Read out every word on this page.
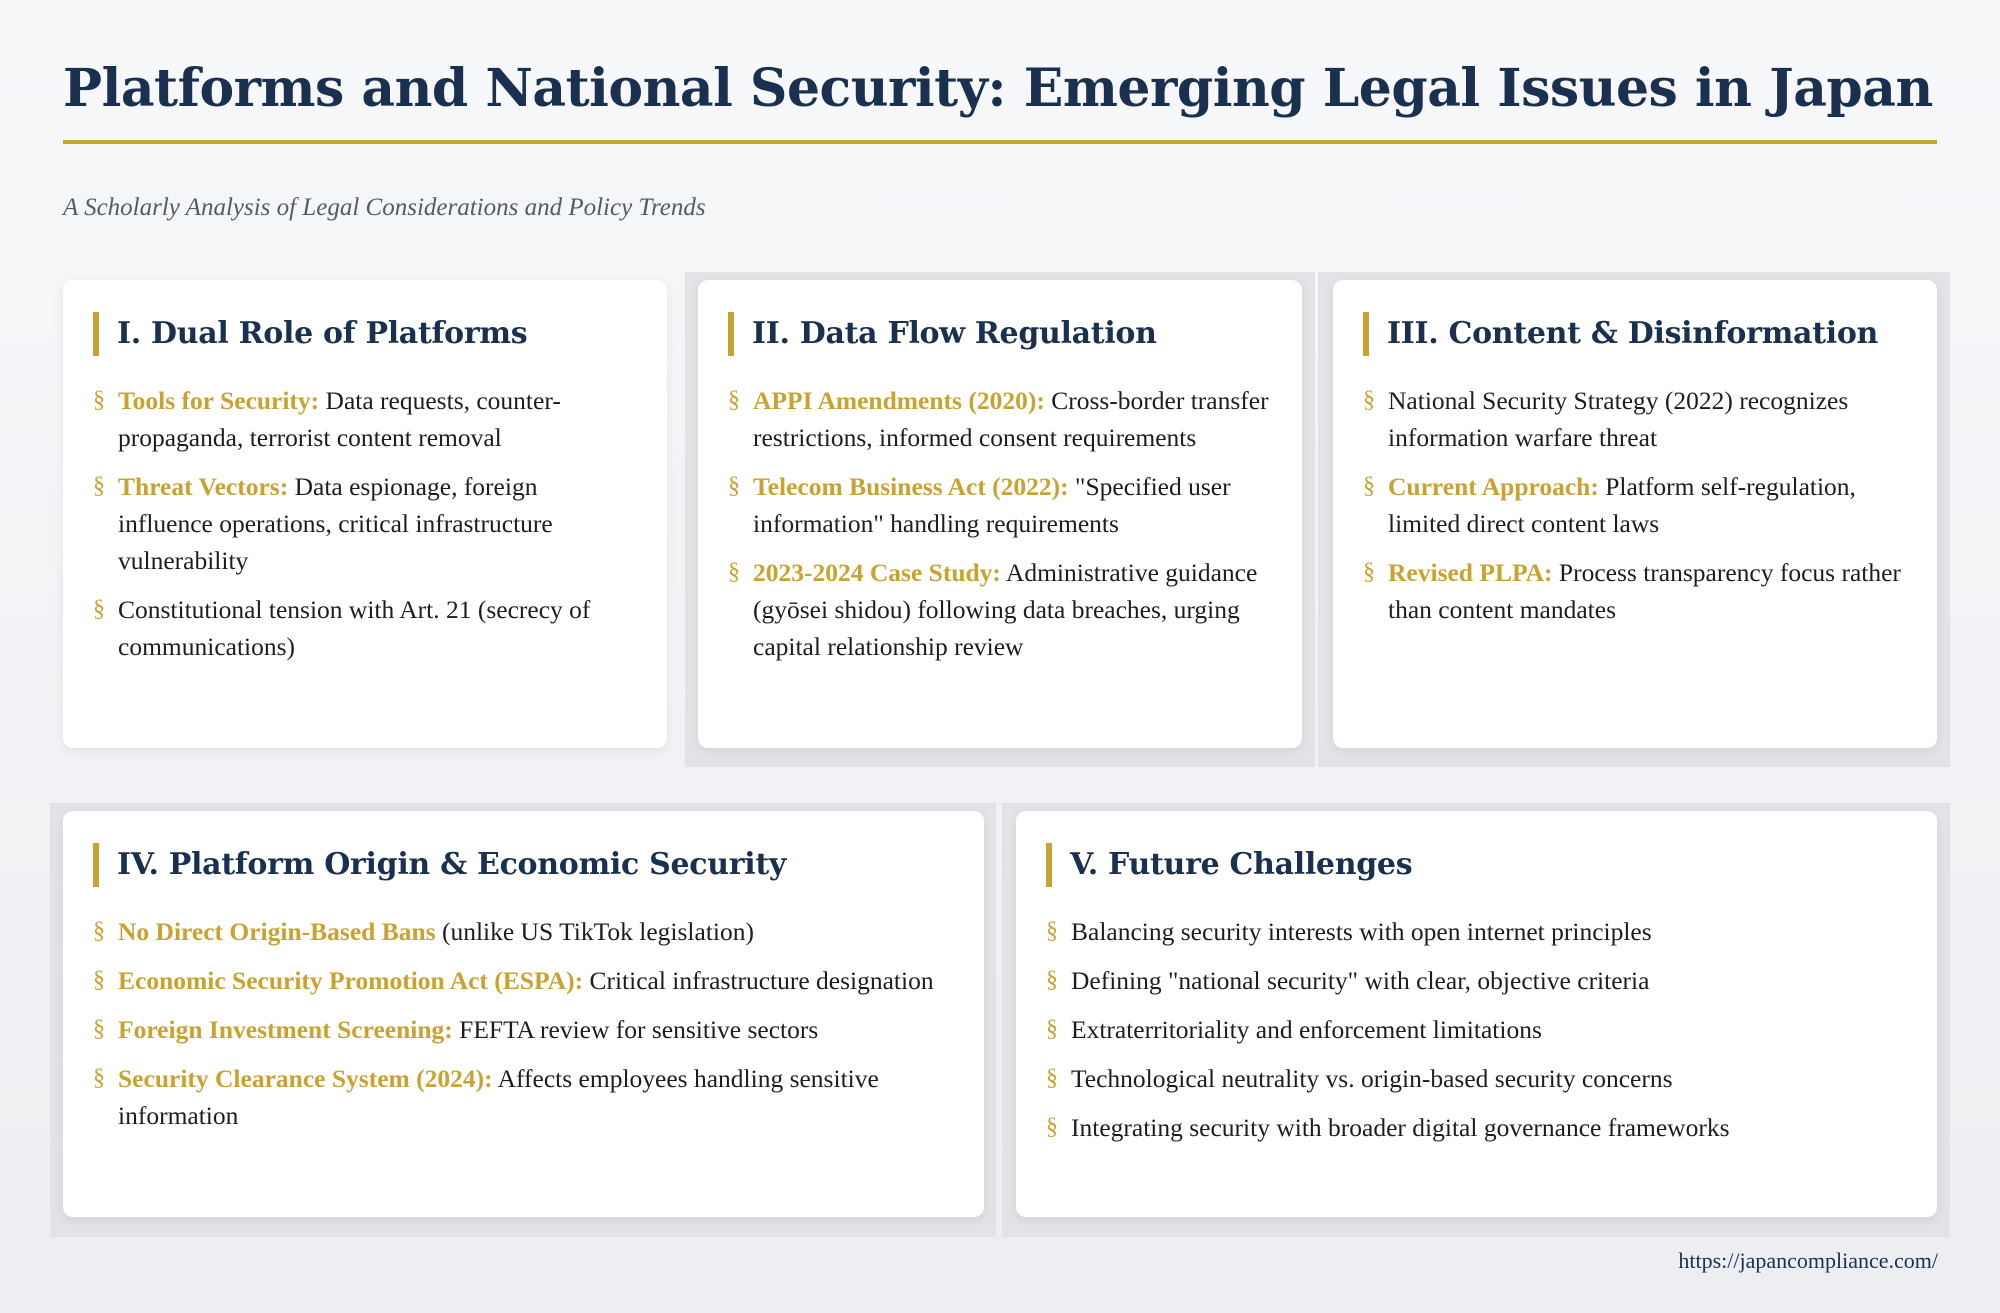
Platforms and National Security: Emerging Legal Issues in Japan
A Scholarly Analysis of Legal Considerations and Policy Trends
I. Dual Role of Platforms
§ Tools for Security: Data requests, counter-propaganda, terrorist content removal
§ Threat Vectors: Data espionage, foreign influence operations, critical infrastructure vulnerability
§ Constitutional tension with Art. 21 (secrecy of communications)
II. Data Flow Regulation
§ APPI Amendments (2020): Cross-border transfer restrictions, informed consent requirements
§ Telecom Business Act (2022): "Specified user information" handling requirements
§ 2023-2024 Case Study: Administrative guidance (gyōsei shidou) following data breaches, urging capital relationship review
III. Content & Disinformation
§ National Security Strategy (2022) recognizes information warfare threat
§ Current Approach: Platform self-regulation, limited direct content laws
§ Revised PLPA: Process transparency focus rather than content mandates
IV. Platform Origin & Economic Security
§ No Direct Origin-Based Bans (unlike US TikTok legislation)
§ Economic Security Promotion Act (ESPA): Critical infrastructure designation
§ Foreign Investment Screening: FEFTA review for sensitive sectors
§ Security Clearance System (2024): Affects employees handling sensitive information
V. Future Challenges
§ Balancing security interests with open internet principles
§ Defining "national security" with clear, objective criteria
§ Extraterritoriality and enforcement limitations
§ Technological neutrality vs. origin-based security concerns
§ Integrating security with broader digital governance frameworks
https://japancompliance.com/
